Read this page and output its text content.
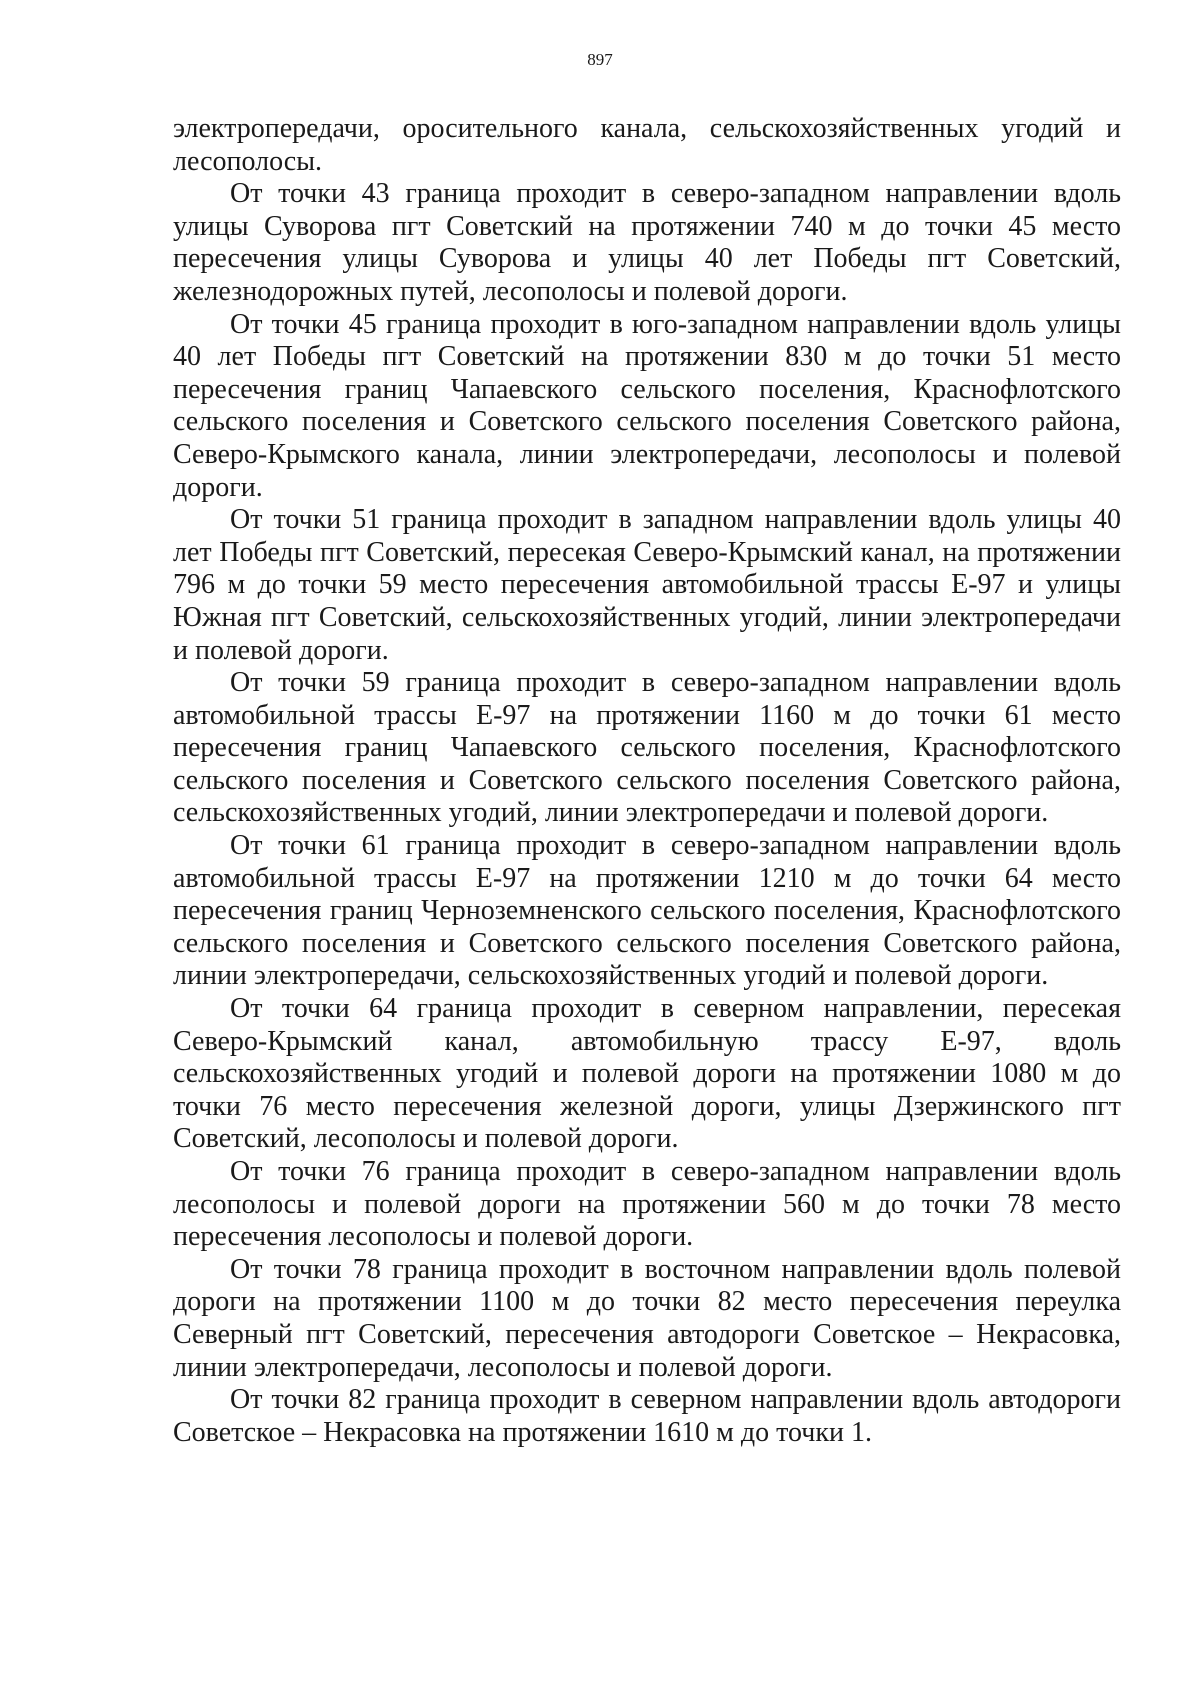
897

электропередачи, оросительного канала, сельскохозяйственных угодий и лесополосы.

От точки 43 граница проходит в северо-западном направлении вдоль улицы Суворова пгт Советский на протяжении 740 м до точки 45 место пересечения улицы Суворова и улицы 40 лет Победы пгт Советский, железнодорожных путей, лесополосы и полевой дороги.

От точки 45 граница проходит в юго-западном направлении вдоль улицы 40 лет Победы пгт Советский на протяжении 830 м до точки 51 место пересечения границ Чапаевского сельского поселения, Краснофлотского сельского поселения и Советского сельского поселения Советского района, Северо-Крымского канала, линии электропередачи, лесополосы и полевой дороги.

От точки 51 граница проходит в западном направлении вдоль улицы 40 лет Победы пгт Советский, пересекая Северо-Крымский канал, на протяжении 796 м до точки 59 место пересечения автомобильной трассы Е-97 и улицы Южная пгт Советский, сельскохозяйственных угодий, линии электропередачи и полевой дороги.

От точки 59 граница проходит в северо-западном направлении вдоль автомобильной трассы Е-97 на протяжении 1160 м до точки 61 место пересечения границ Чапаевского сельского поселения, Краснофлотского сельского поселения и Советского сельского поселения Советского района, сельскохозяйственных угодий, линии электропередачи и полевой дороги.

От точки 61 граница проходит в северо-западном направлении вдоль автомобильной трассы Е-97 на протяжении 1210 м до точки 64 место пересечения границ Черноземненского сельского поселения, Краснофлотского сельского поселения и Советского сельского поселения Советского района, линии электропередачи, сельскохозяйственных угодий и полевой дороги.

От точки 64 граница проходит в северном направлении, пересекая Северо-Крымский канал, автомобильную трассу Е-97, вдоль сельскохозяйственных угодий и полевой дороги на протяжении 1080 м до точки 76 место пересечения железной дороги, улицы Дзержинского пгт Советский, лесополосы и полевой дороги.

От точки 76 граница проходит в северо-западном направлении вдоль лесополосы и полевой дороги на протяжении 560 м до точки 78 место пересечения лесополосы и полевой дороги.

От точки 78 граница проходит в восточном направлении вдоль полевой дороги на протяжении 1100 м до точки 82 место пересечения переулка Северный пгт Советский, пересечения автодороги Советское – Некрасовка, линии электропередачи, лесополосы и полевой дороги.

От точки 82 граница проходит в северном направлении вдоль автодороги Советское – Некрасовка на протяжении 1610 м до точки 1.
